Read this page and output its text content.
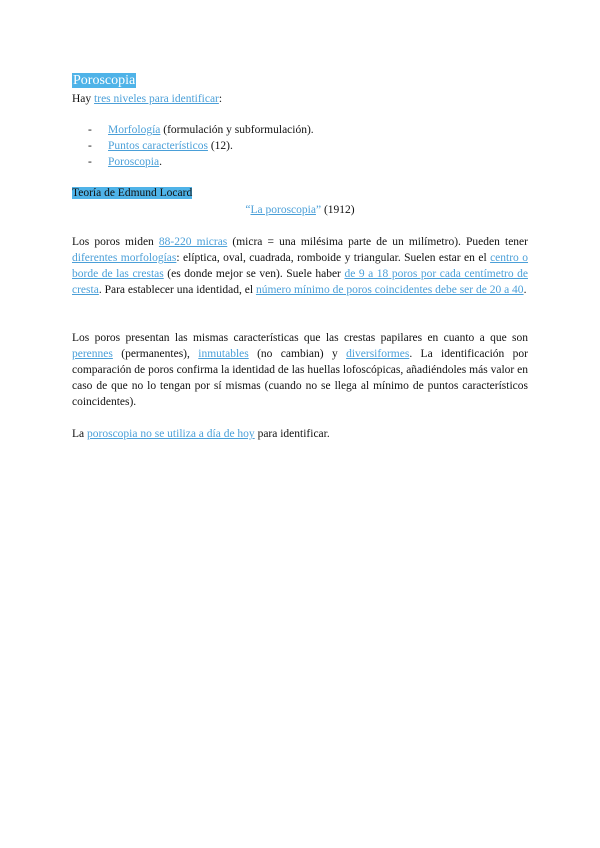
Poroscopia
Hay tres niveles para identificar:
- Morfología (formulación y subformulación).
- Puntos característicos (12).
- Poroscopia.
Teoría de Edmund Locard
“La poroscopia” (1912)
Los poros miden 88-220 micras (micra = una milésima parte de un milímetro). Pueden tener diferentes morfologías: elíptica, oval, cuadrada, romboide y triangular. Suelen estar en el centro o borde de las crestas (es donde mejor se ven). Suele haber de 9 a 18 poros por cada centímetro de cresta. Para establecer una identidad, el número mínimo de poros coincidentes debe ser de 20 a 40.
Los poros presentan las mismas características que las crestas papilares en cuanto a que son perennes (permanentes), inmutables (no cambian) y diversiformes. La identificación por comparación de poros confirma la identidad de las huellas lofoscópicas, añadiéndoles más valor en caso de que no lo tengan por sí mismas (cuando no se llega al mínimo de puntos característicos coincidentes).
La poroscopia no se utiliza a día de hoy para identificar.
